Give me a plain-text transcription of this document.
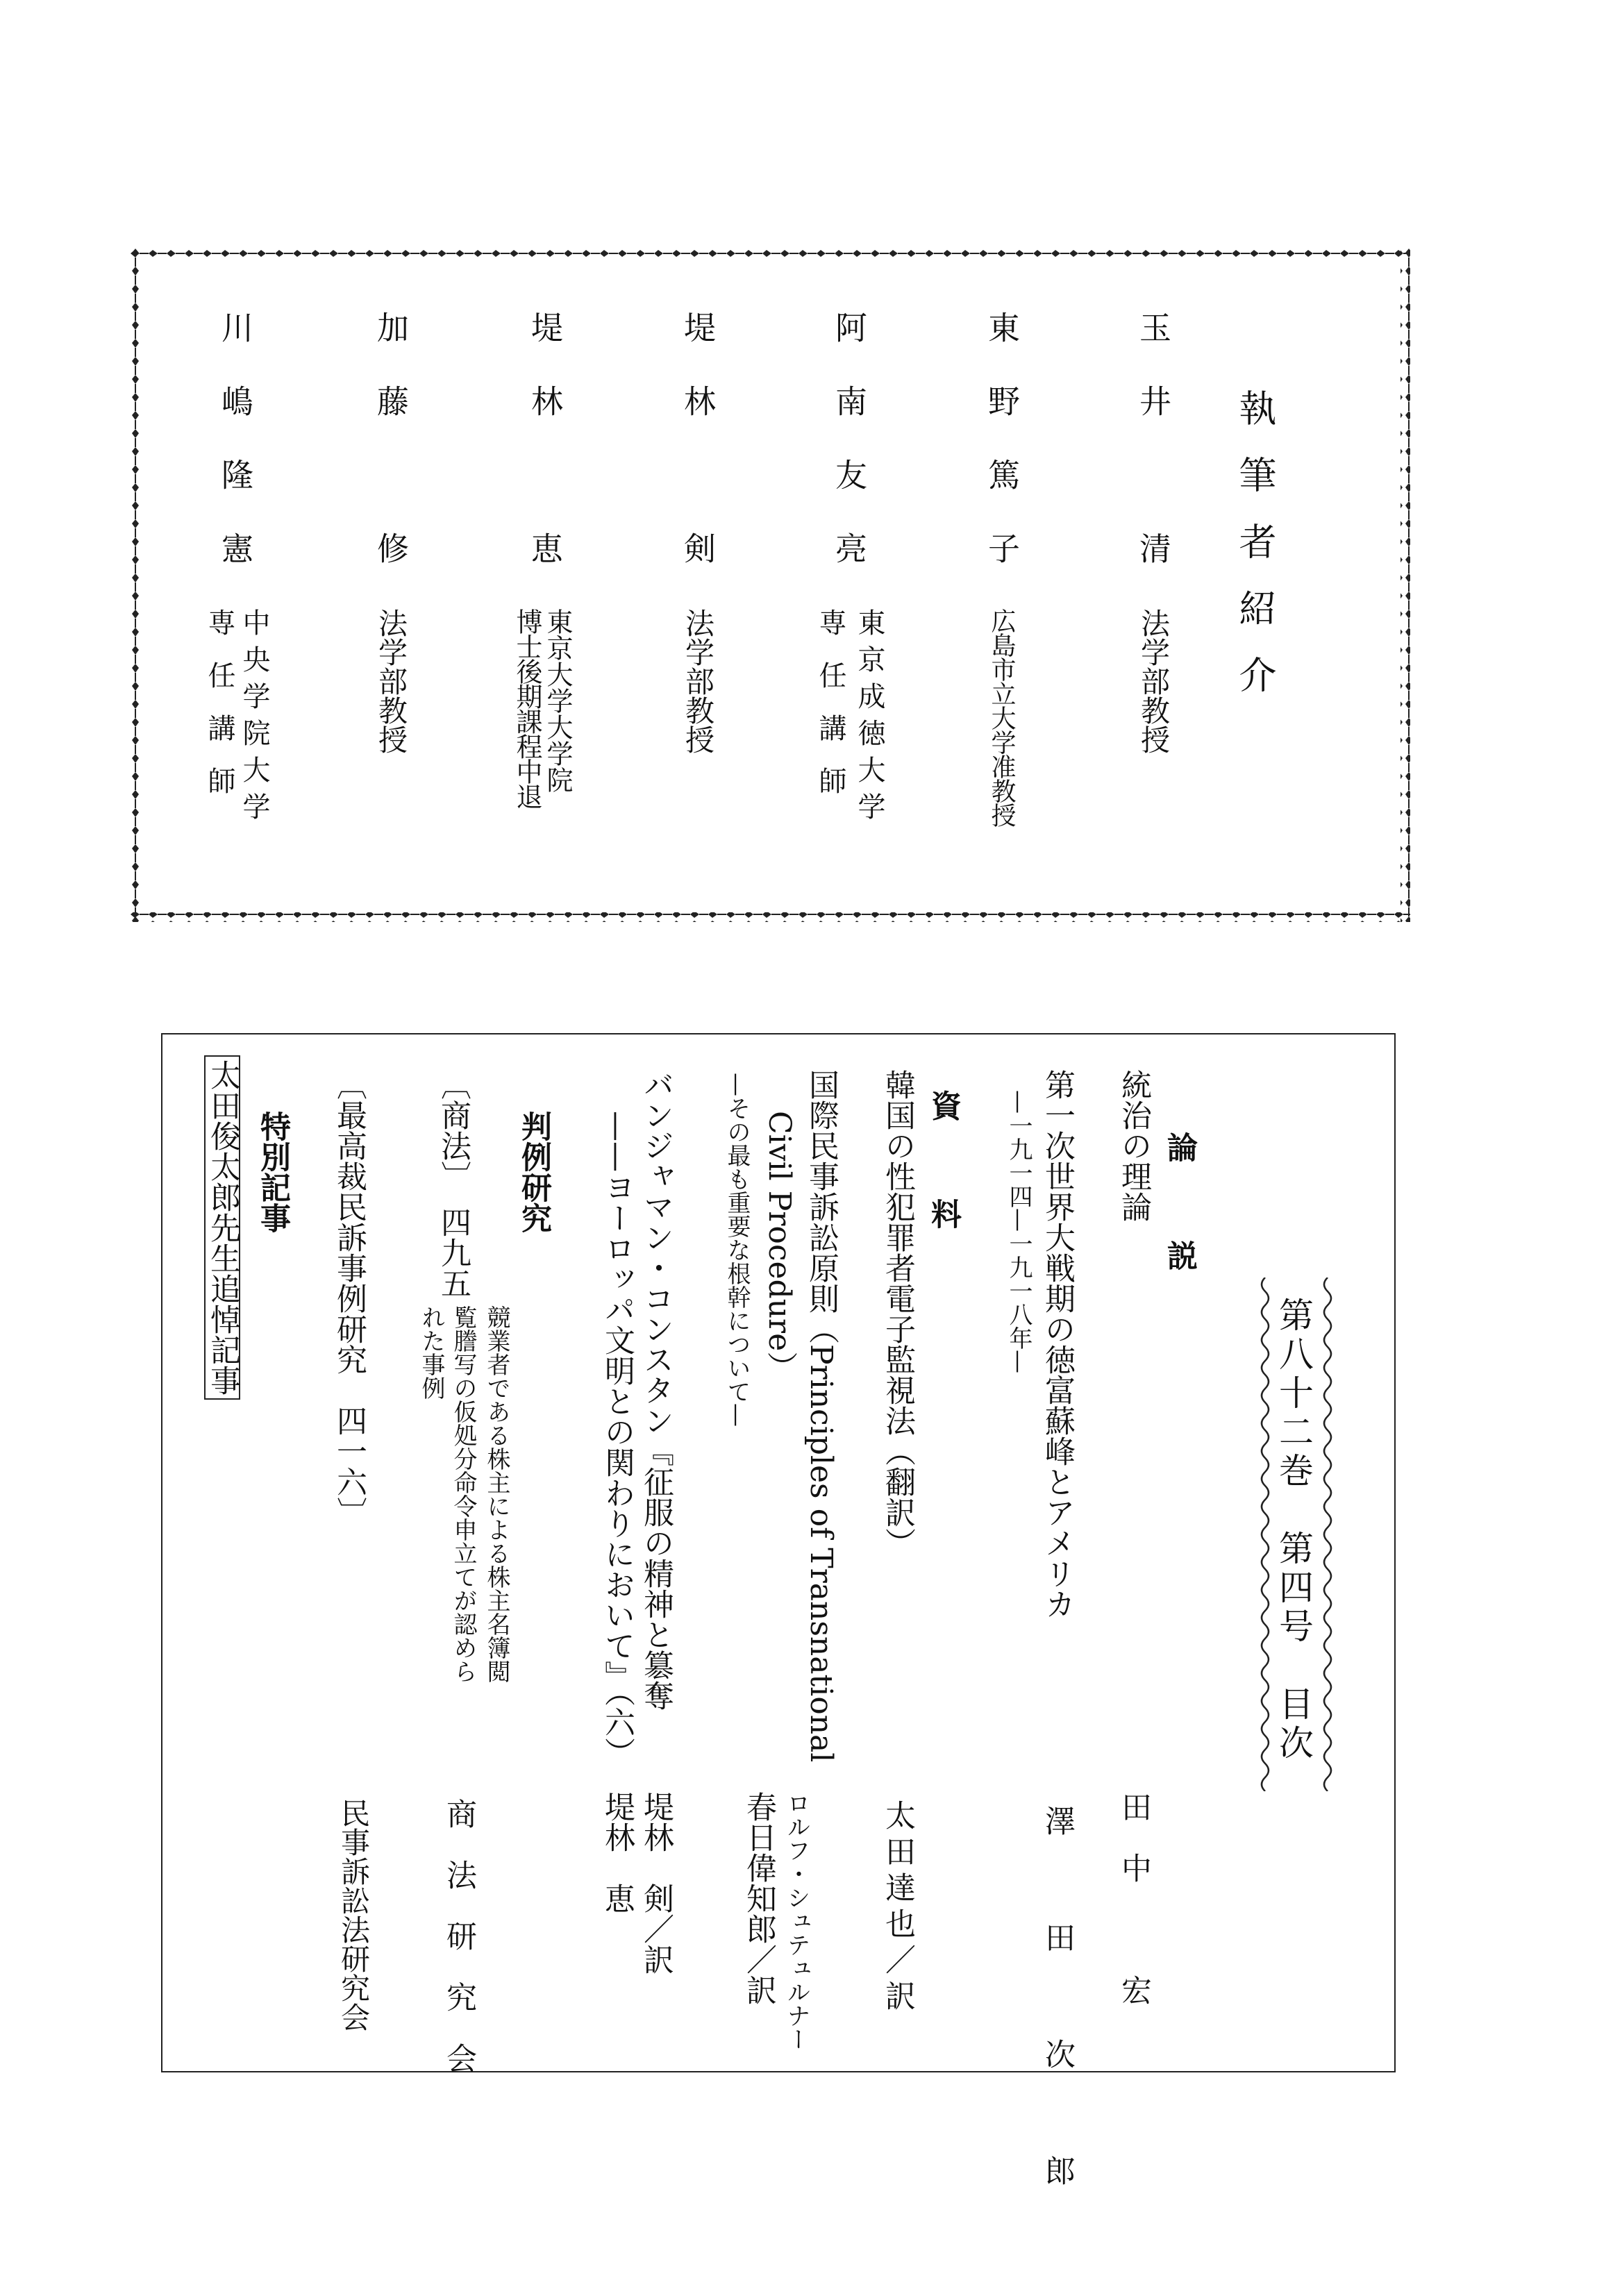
執筆者紹介
玉井　清
法学部教授
東野篤子
広島市立大学准教授
阿南友亮
東京成徳大学
専任講師
堤林　剣
法学部教授
堤林　恵
東京大学大学院
博士後期課程中退
加藤　修
法学部教授
川嶋隆憲
中央学院大学
専任講師
第八十二巻　第四号　目次
論　説
統治の理論
田　中　　　宏
第一次世界大戦期の徳富蘇峰とアメリカ
—一九一四—一九一八年—
澤　田　次　郎
資　料
韓国の性犯罪者電子監視法（翻訳）
太田達也／訳
国際民事訴訟原則（Principles of Transnational
Civil Procedure）
—その最も重要な根幹について—
ロルフ・シュテュルナー
春日偉知郎／訳
バンジャマン・コンスタン『征服の精神と簒奪
——ヨーロッパ文明との関わりにおいて』（六）
堤林　剣／訳
堤林　恵
判例研究
〔商法〕　四九五
競業者である株主による株主名簿閲
覧謄写の仮処分命令申立てが認めら
れた事例
商　法　研　究　会
〔最高裁民訴事例研究　四一六〕
民事訴訟法研究会
特別記事
太田俊太郎先生追悼記事
